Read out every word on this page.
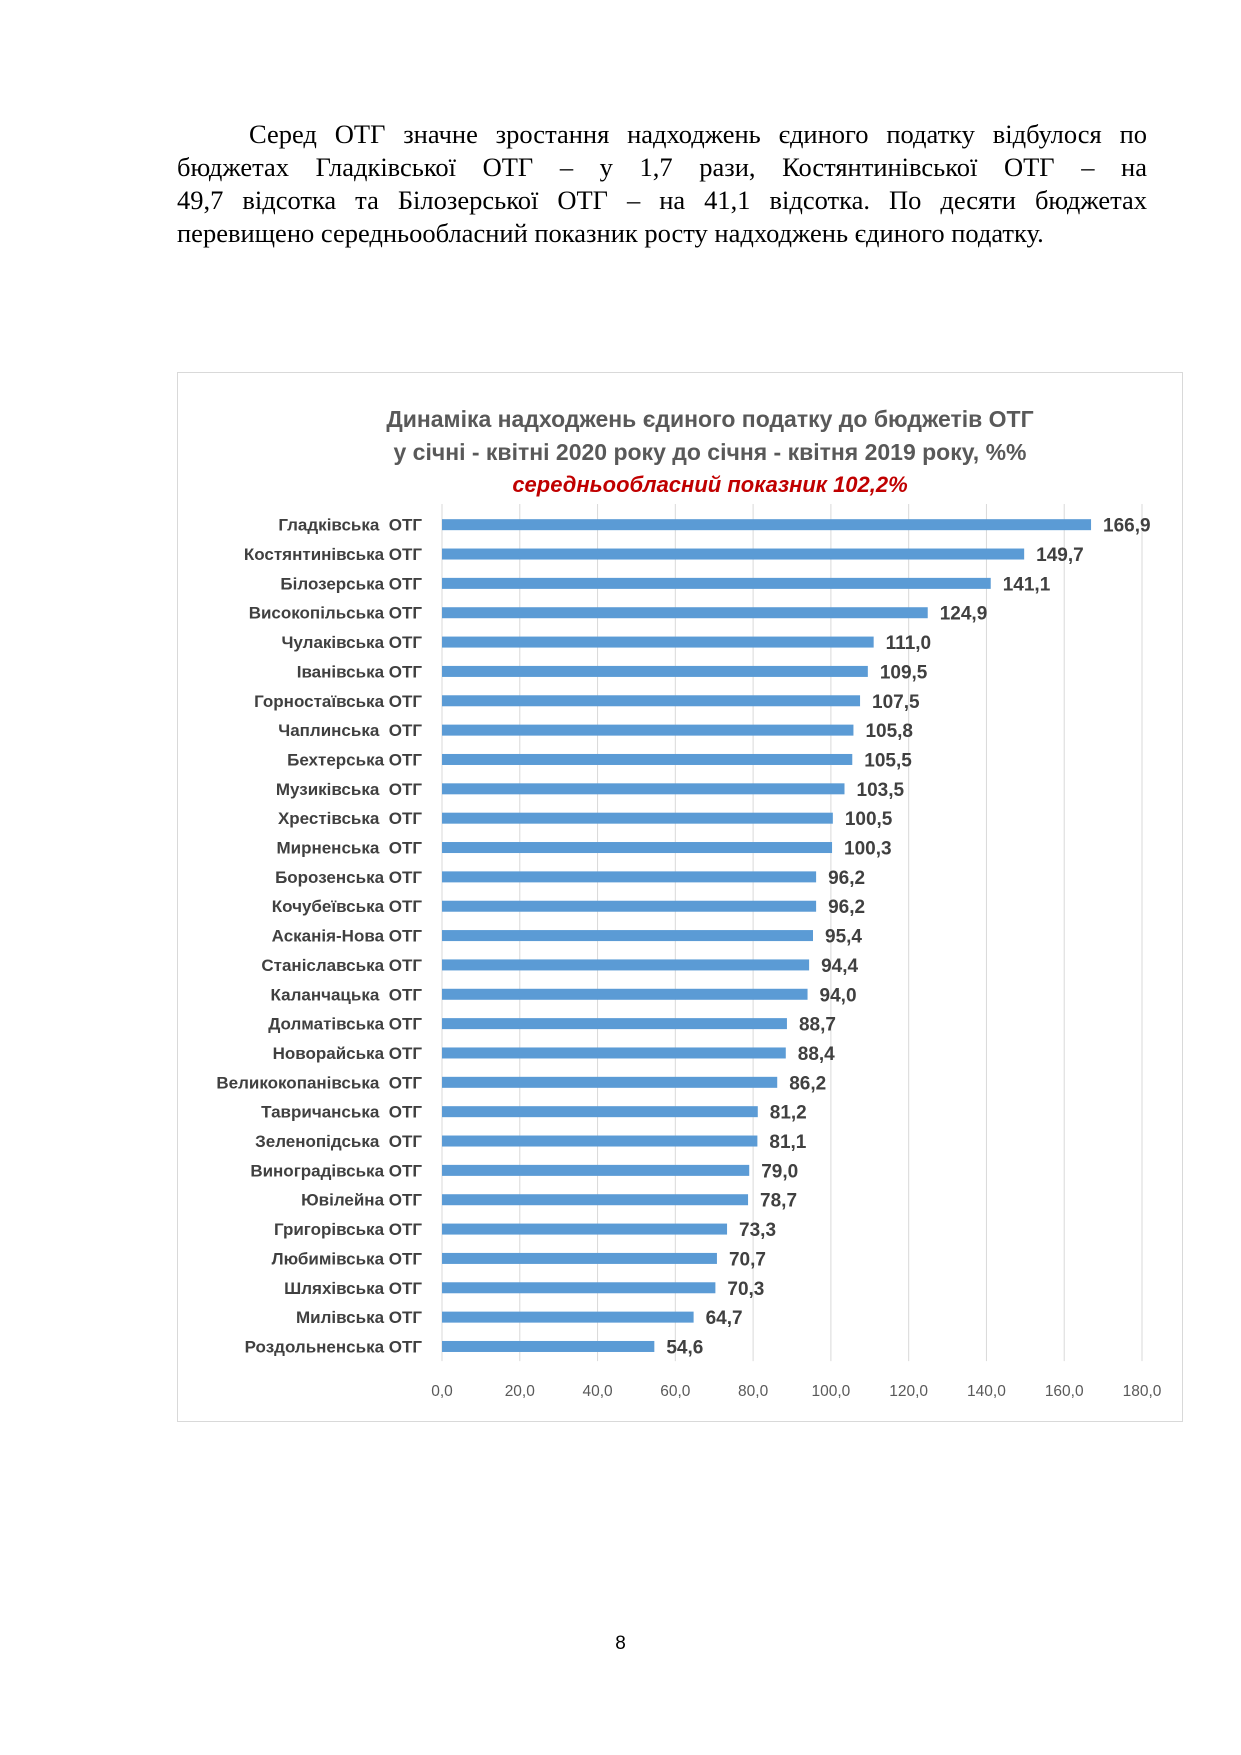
Серед ОТГ значне зростання надходжень єдиного податку відбулося по
бюджетах Гладківської ОТГ – у 1,7 рази, Костянтинівської ОТГ – на
49,7 відсотка та Білозерської ОТГ – на 41,1 відсотка. По десяти бюджетах
перевищено середньообласний показник росту надходжень єдиного податку.

Динаміка надходжень єдиного податку до бюджетів ОТГ
у січні - квітні 2020 року до січня - квітня 2019 року, %%
середньообласний показник 102,2%
Гладківська  ОТГ	166,9
Костянтинівська ОТГ	149,7
Білозерська ОТГ	141,1
Високопільська ОТГ	124,9
Чулаківська ОТГ	111,0
Іванівська ОТГ	109,5
Горностаївська ОТГ	107,5
Чаплинська  ОТГ	105,8
Бехтерська ОТГ	105,5
Музиківська  ОТГ	103,5
Хрестівська  ОТГ	100,5
Мирненська  ОТГ	100,3
Борозенська ОТГ	96,2
Кочубеївська ОТГ	96,2
Асканія-Нова ОТГ	95,4
Станіславська ОТГ	94,4
Каланчацька  ОТГ	94,0
Долматівська ОТГ	88,7
Новорайська ОТГ	88,4
Великокопанівська  ОТГ	86,2
Тавричанська  ОТГ	81,2
Зеленопідська  ОТГ	81,1
Виноградівська ОТГ	79,0
Ювілейна ОТГ	78,7
Григорівська ОТГ	73,3
Любимівська ОТГ	70,7
Шляхівська ОТГ	70,3
Милівська ОТГ	64,7
Роздольненська ОТГ	54,6
0,0	20,0	40,0	60,0	80,0	100,0	120,0	140,0	160,0	180,0
8
